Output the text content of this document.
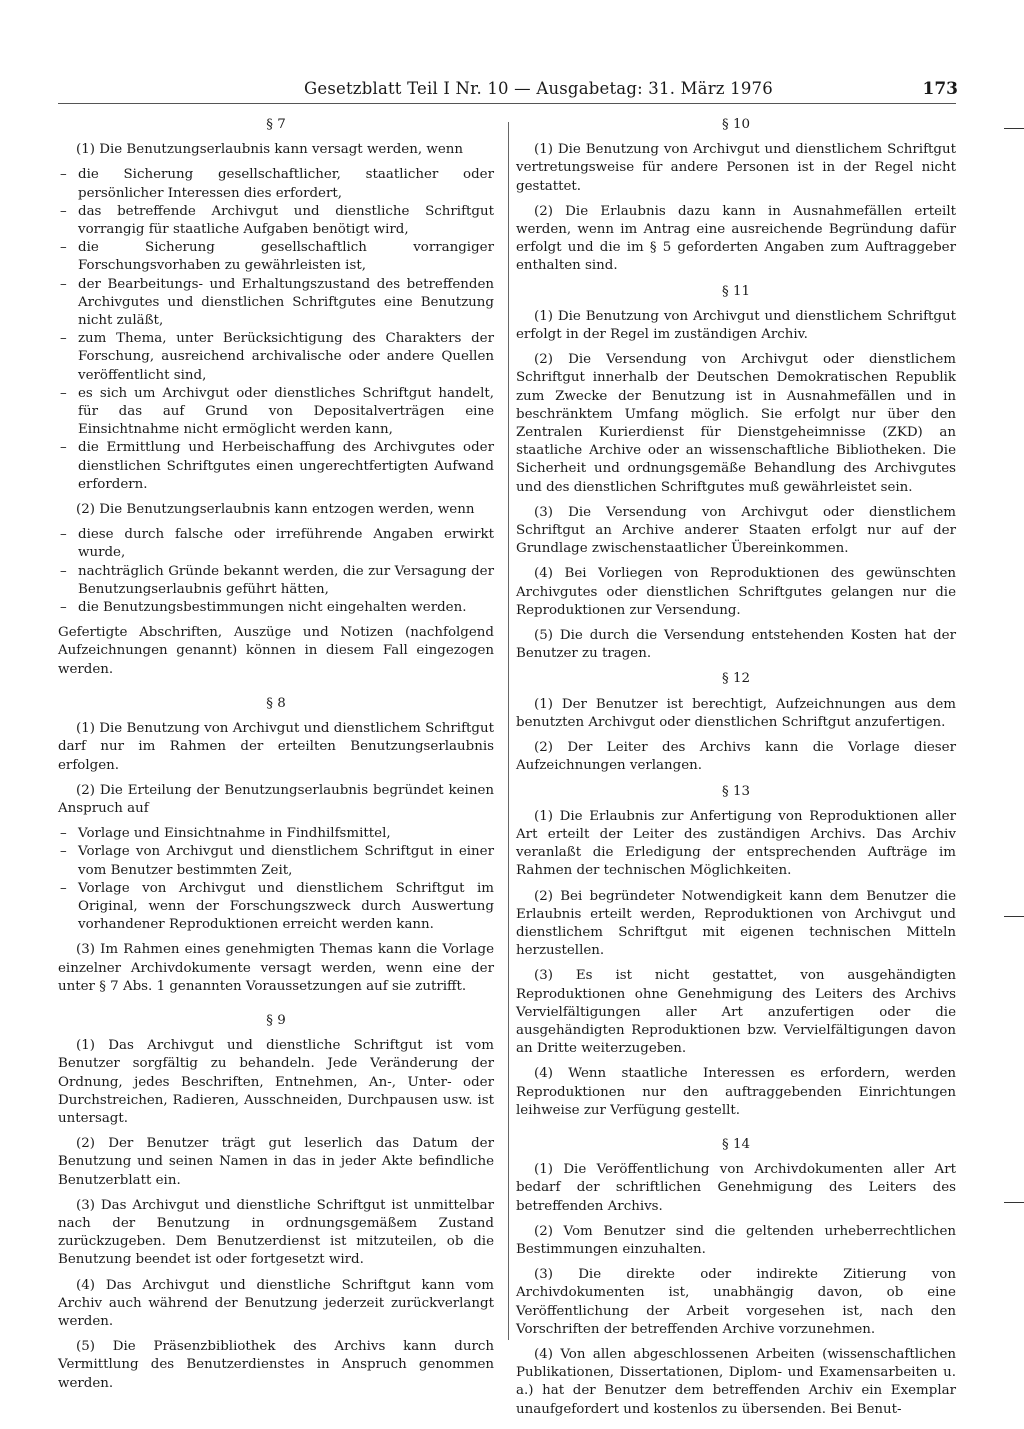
Gesetzblatt Teil I Nr. 10 — Ausgabetag: 31. März 1976	173
§ 7

(1) Die Benutzungserlaubnis kann versagt werden, wenn

– die Sicherung gesellschaftlicher, staatlicher oder persönlicher Interessen dies erfordert,
– das betreffende Archivgut und dienstliche Schriftgut vorrangig für staatliche Aufgaben benötigt wird,
– die Sicherung gesellschaftlich vorrangiger Forschungsvorhaben zu gewährleisten ist,
– der Bearbeitungs- und Erhaltungszustand des betreffenden Archivgutes und dienstlichen Schriftgutes eine Benutzung nicht zuläßt,
– zum Thema, unter Berücksichtigung des Charakters der Forschung, ausreichend archivalische oder andere Quellen veröffentlicht sind,
– es sich um Archivgut oder dienstliches Schriftgut handelt, für das auf Grund von Depositalverträgen eine Einsichtnahme nicht ermöglicht werden kann,
– die Ermittlung und Herbeischaffung des Archivgutes oder dienstlichen Schriftgutes einen ungerechtfertigten Aufwand erfordern.

(2) Die Benutzungserlaubnis kann entzogen werden, wenn

– diese durch falsche oder irreführende Angaben erwirkt wurde,
– nachträglich Gründe bekannt werden, die zur Versagung der Benutzungserlaubnis geführt hätten,
– die Benutzungsbestimmungen nicht eingehalten werden.

Gefertigte Abschriften, Auszüge und Notizen (nachfolgend Aufzeichnungen genannt) können in diesem Fall eingezogen werden.

§ 8

(1) Die Benutzung von Archivgut und dienstlichem Schriftgut darf nur im Rahmen der erteilten Benutzungserlaubnis erfolgen.

(2) Die Erteilung der Benutzungserlaubnis begründet keinen Anspruch auf

– Vorlage und Einsichtnahme in Findhilfsmittel,
– Vorlage von Archivgut und dienstlichem Schriftgut in einer vom Benutzer bestimmten Zeit,
– Vorlage von Archivgut und dienstlichem Schriftgut im Original, wenn der Forschungszweck durch Auswertung vorhandener Reproduktionen erreicht werden kann.

(3) Im Rahmen eines genehmigten Themas kann die Vorlage einzelner Archivdokumente versagt werden, wenn eine der unter § 7 Abs. 1 genannten Voraussetzungen auf sie zutrifft.

§ 9

(1) Das Archivgut und dienstliche Schriftgut ist vom Benutzer sorgfältig zu behandeln. Jede Veränderung der Ordnung, jedes Beschriften, Entnehmen, An-, Unter- oder Durchstreichen, Radieren, Ausschneiden, Durchpausen usw. ist untersagt.

(2) Der Benutzer trägt gut leserlich das Datum der Benutzung und seinen Namen in das in jeder Akte befindliche Benutzerblatt ein.

(3) Das Archivgut und dienstliche Schriftgut ist unmittelbar nach der Benutzung in ordnungsgemäßem Zustand zurückzugeben. Dem Benutzerdienst ist mitzuteilen, ob die Benutzung beendet ist oder fortgesetzt wird.

(4) Das Archivgut und dienstliche Schriftgut kann vom Archiv auch während der Benutzung jederzeit zurückverlangt werden.

(5) Die Präsenzbibliothek des Archivs kann durch Vermittlung des Benutzerdienstes in Anspruch genommen werden.

§ 10

(1) Die Benutzung von Archivgut und dienstlichem Schriftgut vertretungsweise für andere Personen ist in der Regel nicht gestattet.

(2) Die Erlaubnis dazu kann in Ausnahmefällen erteilt werden, wenn im Antrag eine ausreichende Begründung dafür erfolgt und die im § 5 geforderten Angaben zum Auftraggeber enthalten sind.

§ 11

(1) Die Benutzung von Archivgut und dienstlichem Schriftgut erfolgt in der Regel im zuständigen Archiv.

(2) Die Versendung von Archivgut oder dienstlichem Schriftgut innerhalb der Deutschen Demokratischen Republik zum Zwecke der Benutzung ist in Ausnahmefällen und in beschränktem Umfang möglich. Sie erfolgt nur über den Zentralen Kurierdienst für Dienstgeheimnisse (ZKD) an staatliche Archive oder an wissenschaftliche Bibliotheken. Die Sicherheit und ordnungsgemäße Behandlung des Archivgutes und des dienstlichen Schriftgutes muß gewährleistet sein.

(3) Die Versendung von Archivgut oder dienstlichem Schriftgut an Archive anderer Staaten erfolgt nur auf der Grundlage zwischenstaatlicher Übereinkommen.

(4) Bei Vorliegen von Reproduktionen des gewünschten Archivgutes oder dienstlichen Schriftgutes gelangen nur die Reproduktionen zur Versendung.

(5) Die durch die Versendung entstehenden Kosten hat der Benutzer zu tragen.

§ 12

(1) Der Benutzer ist berechtigt, Aufzeichnungen aus dem benutzten Archivgut oder dienstlichen Schriftgut anzufertigen.

(2) Der Leiter des Archivs kann die Vorlage dieser Aufzeichnungen verlangen.

§ 13

(1) Die Erlaubnis zur Anfertigung von Reproduktionen aller Art erteilt der Leiter des zuständigen Archivs. Das Archiv veranlaßt die Erledigung der entsprechenden Aufträge im Rahmen der technischen Möglichkeiten.

(2) Bei begründeter Notwendigkeit kann dem Benutzer die Erlaubnis erteilt werden, Reproduktionen von Archivgut und dienstlichem Schriftgut mit eigenen technischen Mitteln herzustellen.

(3) Es ist nicht gestattet, von ausgehändigten Reproduktionen ohne Genehmigung des Leiters des Archivs Vervielfältigungen aller Art anzufertigen oder die ausgehändigten Reproduktionen bzw. Vervielfältigungen davon an Dritte weiterzugeben.

(4) Wenn staatliche Interessen es erfordern, werden Reproduktionen nur den auftraggebenden Einrichtungen leihweise zur Verfügung gestellt.

§ 14

(1) Die Veröffentlichung von Archivdokumenten aller Art bedarf der schriftlichen Genehmigung des Leiters des betreffenden Archivs.

(2) Vom Benutzer sind die geltenden urheberrechtlichen Bestimmungen einzuhalten.

(3) Die direkte oder indirekte Zitierung von Archivdokumenten ist, unabhängig davon, ob eine Veröffentlichung der Arbeit vorgesehen ist, nach den Vorschriften der betreffenden Archive vorzunehmen.

(4) Von allen abgeschlossenen Arbeiten (wissenschaftlichen Publikationen, Dissertationen, Diplom- und Examensarbeiten u. a.) hat der Benutzer dem betreffenden Archiv ein Exemplar unaufgefordert und kostenlos zu übersenden. Bei Benut-
